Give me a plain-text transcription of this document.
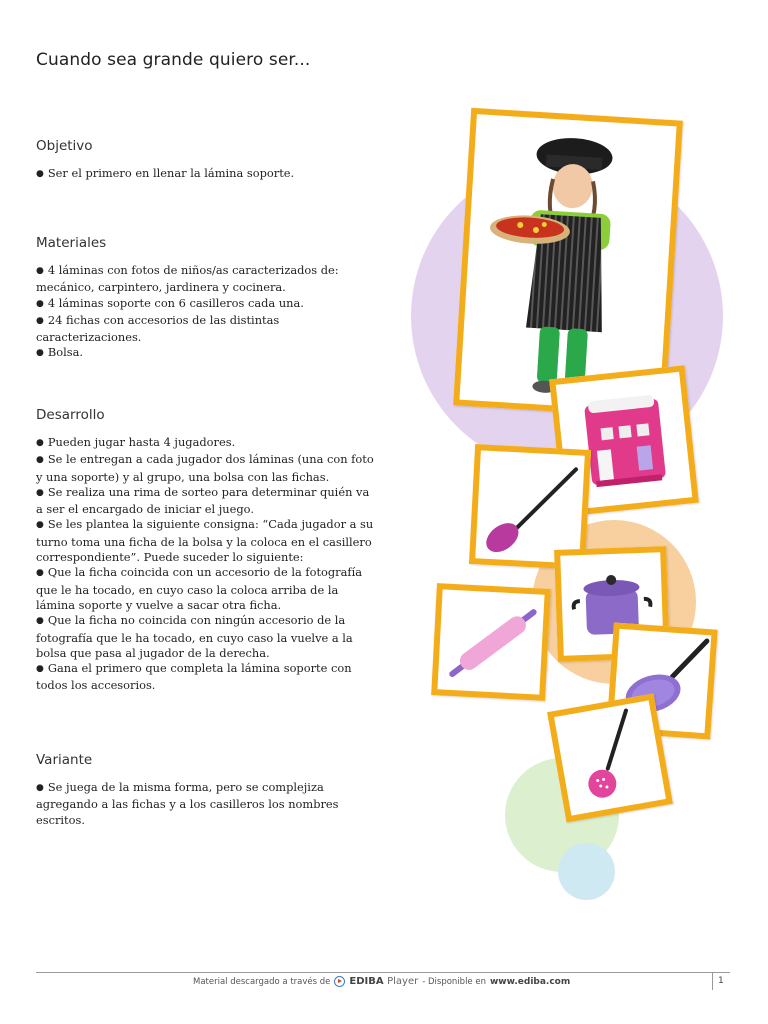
Cuando sea grande quiero ser...
Objetivo
● Ser el primero en llenar la lámina soporte.
Materiales
● 4 láminas con fotos de niños/as caracterizados de: mecánico, carpintero, jardinera y cocinera.
● 4 láminas soporte con 6 casilleros cada una.
● 24 fichas con accesorios de las distintas caracterizaciones.
● Bolsa.
Desarrollo
● Pueden jugar hasta 4 jugadores.
● Se le entregan a cada jugador dos láminas (una con foto y una soporte) y al grupo, una bolsa con las fichas.
● Se realiza una rima de sorteo para determinar quién va a ser el encargado de iniciar el juego.
● Se les plantea la siguiente consigna: “Cada jugador a su turno toma una ficha de la bolsa y la coloca en el casillero correspondiente”. Puede suceder lo siguiente:
● Que la ficha coincida con un accesorio de la fotografía que le ha tocado, en cuyo caso la coloca arriba de la lámina soporte y vuelve a sacar otra ficha.
● Que la ficha no coincida con ningún accesorio de la fotografía que le ha tocado, en cuyo caso la vuelve a la bolsa que pasa al jugador de la derecha.
● Gana el primero que completa la lámina soporte con todos los accesorios.
Variante
● Se juega de la misma forma, pero se complejiza agregando a las fichas y a los casilleros los nombres escritos.
Material descargado a través de EDIBA Player - Disponible en www.ediba.com	1
